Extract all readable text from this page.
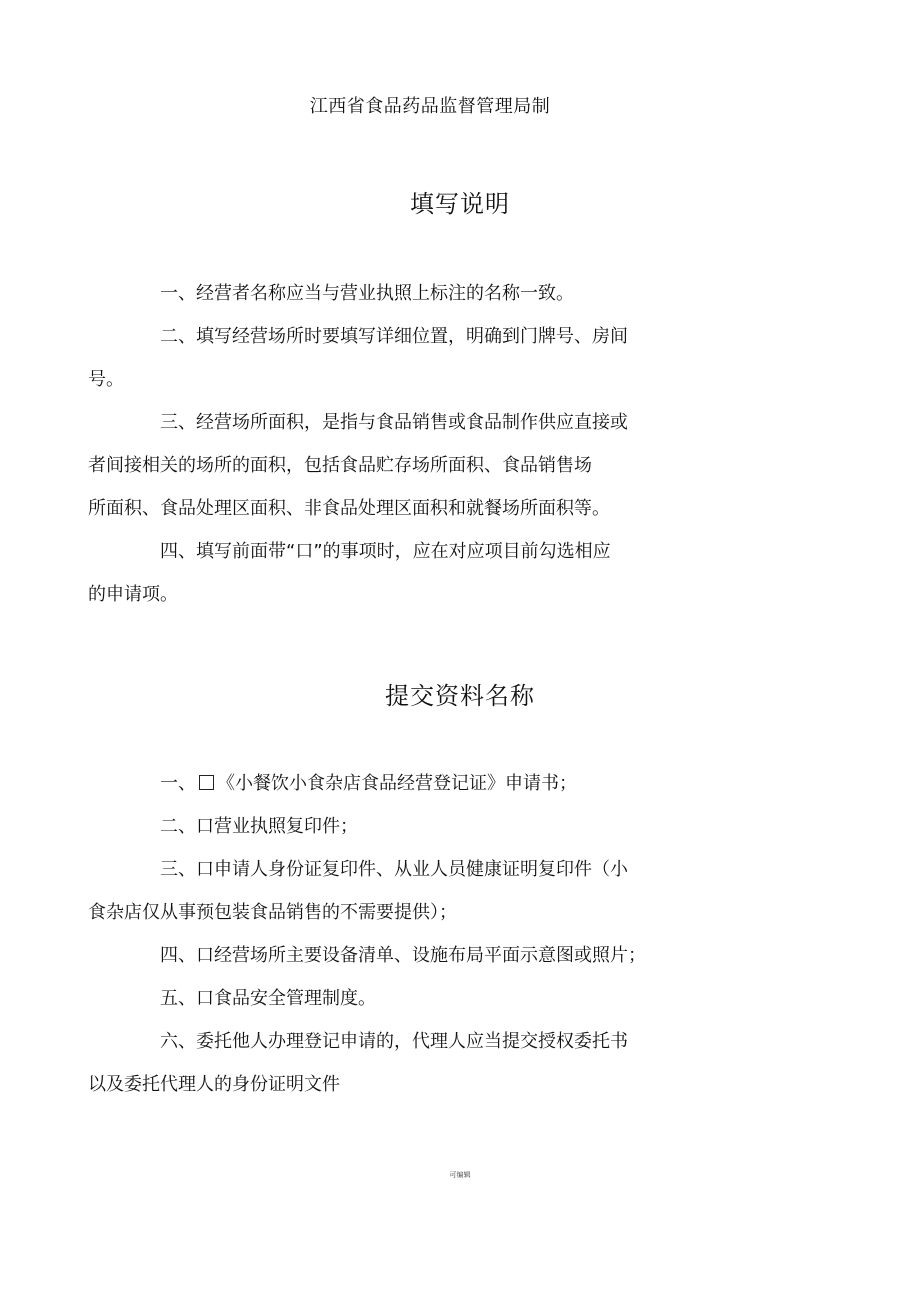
江西省食品药品监督管理局制
填写说明

一、经营者名称应当与营业执照上标注的名称一致。

二、填写经营场所时要填写详细位置，明确到门牌号、房间
号。

三、经营场所面积，是指与食品销售或食品制作供应直接或
者间接相关的场所的面积，包括食品贮存场所面积、食品销售场
所面积、食品处理区面积、非食品处理区面积和就餐场所面积等。

四、填写前面带“口”的事项时，应在对应项目前勾选相应
的申请项。

提交资料名称

一、 《小餐饮小食杂店食品经营登记证》申请书；

二、口营业执照复印件；

三、口申请人身份证复印件、从业人员健康证明复印件（小
食杂店仅从事预包装食品销售的不需要提供）；

四、口经营场所主要设备清单、设施布局平面示意图或照片；

五、口食品安全管理制度。

六、委托他人办理登记申请的，代理人应当提交授权委托书
以及委托代理人的身份证明文件

可编辑
